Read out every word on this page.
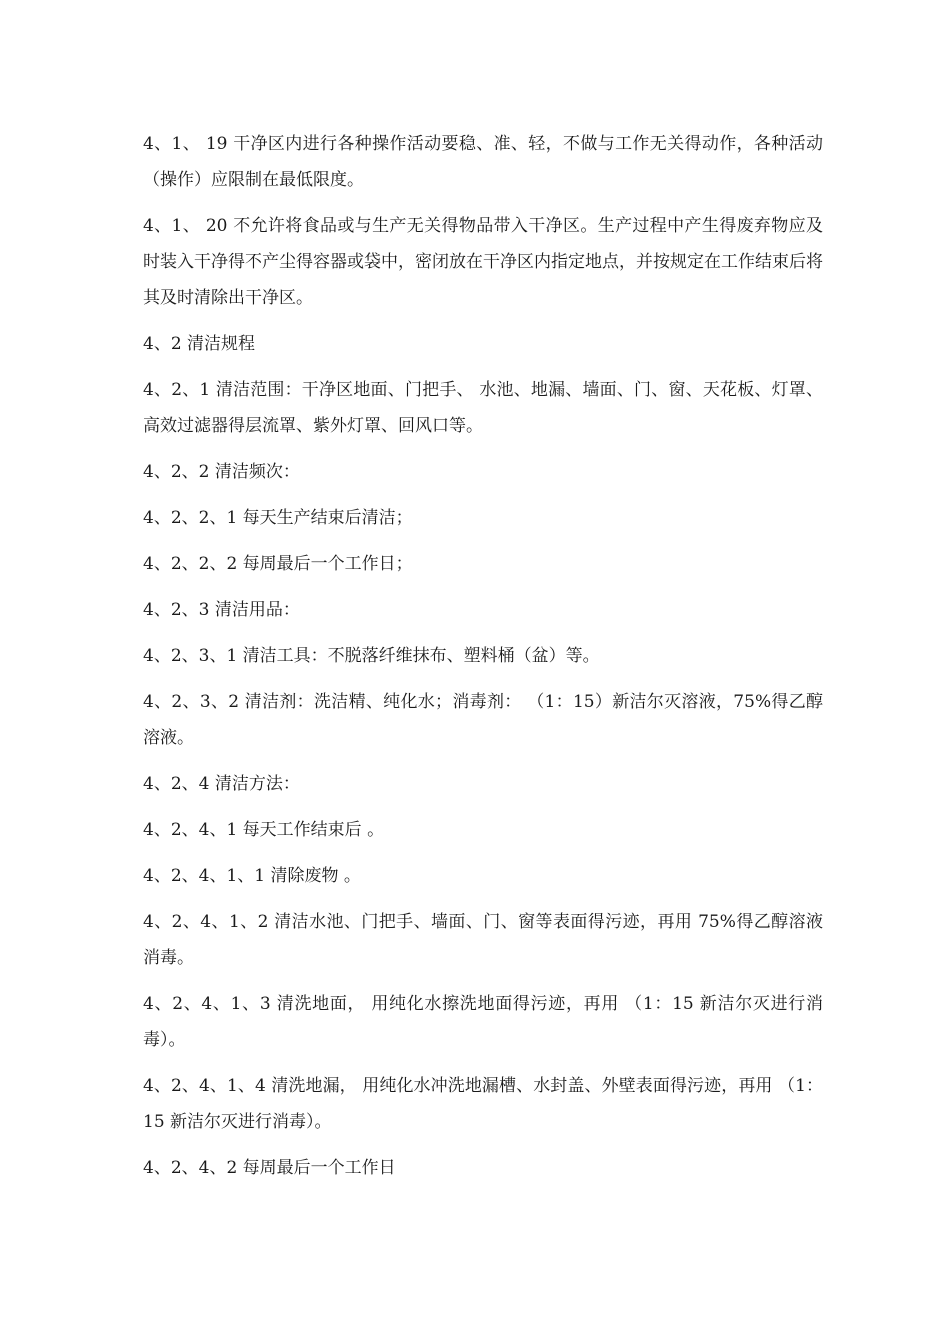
4、1、 19 干净区内进行各种操作活动要稳、准、轻，不做与工作无关得动作，各种活动（操作）应限制在最低限度。

4、1、 20 不允许将食品或与生产无关得物品带入干净区。生产过程中产生得废弃物应及时装入干净得不产尘得容器或袋中，密闭放在干净区内指定地点，并按规定在工作结束后将其及时清除出干净区。

4、2 清洁规程

4、2、1 清洁范围：干净区地面、门把手、 水池、地漏、墙面、门、窗、天花板、灯罩、高效过滤器得层流罩、紫外灯罩、回风口等。

4、2、2 清洁频次：

4、2、2、1 每天生产结束后清洁；

4、2、2、2 每周最后一个工作日；

4、2、3 清洁用品：

4、2、3、1 清洁工具：不脱落纤维抹布、塑料桶（盆）等。

4、2、3、2 清洁剂：洗洁精、纯化水；消毒剂： （1：15）新洁尔灭溶液，75%得乙醇溶液。

4、2、4 清洁方法：

4、2、4、1 每天工作结束后 。

4、2、4、1、1 清除废物 。

4、2、4、1、2 清洁水池、门把手、墙面、门、窗等表面得污迹，再用 75%得乙醇溶液消毒。

4、2、4、1、3 清洗地面， 用纯化水擦洗地面得污迹，再用 （1：15 新洁尔灭进行消毒）。

4、2、4、1、4 清洗地漏， 用纯化水冲洗地漏槽、水封盖、外壁表面得污迹，再用 （1：15 新洁尔灭进行消毒）。

4、2、4、2 每周最后一个工作日
